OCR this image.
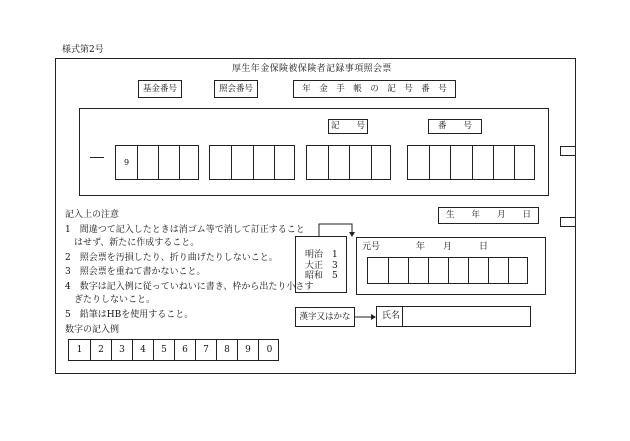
様式第2号
厚生年金保険被保険者記録事項照会票
基金番号	照会番号	年　金　手　帳　の　記　号　番　号
記　　号	番　　号
9
記入上の注意
1　間違つて記入したときは消ゴム等で消して訂正すること
　はせず、新たに作成すること。
2　照会票を汚損したり、折り曲げたりしないこと。
3　照会票を重ねて書かないこと。
4　数字は記入例に従っていねいに書き、枠から出たり小さす
　ぎたりしないこと。
5　鉛筆はHBを使用すること。
数字の記入例
1	2	3	4	5	6	7	8	9	0
生　　年　　月　　日
明治　1
大正　3
昭和　5
元号　　　　年　　月　　　日
漢字又はかな	氏名
